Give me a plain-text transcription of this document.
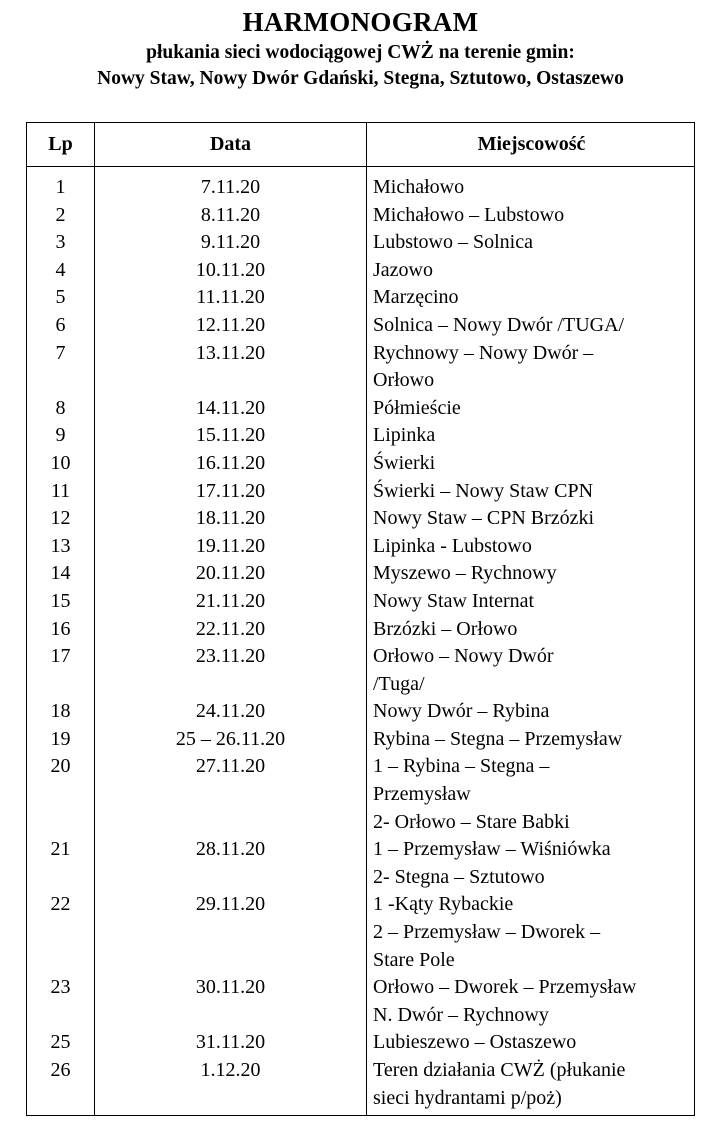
HARMONOGRAM
płukania sieci wodociągowej CWŻ na terenie gmin:
Nowy Staw, Nowy Dwór Gdański, Stegna, Sztutowo, Ostaszewo
Lp	Data	Miejscowość
1	7.11.20	Michałowo
2	8.11.20	Michałowo – Lubstowo
3	9.11.20	Lubstowo – Solnica
4	10.11.20	Jazowo
5	11.11.20	Marzęcino
6	12.11.20	Solnica – Nowy Dwór /TUGA/
7	13.11.20	Rychnowy – Nowy Dwór –
Orłowo
8	14.11.20	Półmieście
9	15.11.20	Lipinka
10	16.11.20	Świerki
11	17.11.20	Świerki – Nowy Staw CPN
12	18.11.20	Nowy Staw – CPN Brzózki
13	19.11.20	Lipinka - Lubstowo
14	20.11.20	Myszewo – Rychnowy
15	21.11.20	Nowy Staw Internat
16	22.11.20	Brzózki – Orłowo
17	23.11.20	Orłowo – Nowy Dwór
/Tuga/
18	24.11.20	Nowy Dwór – Rybina
19	25 – 26.11.20	Rybina – Stegna – Przemysław
20	27.11.20	1 – Rybina – Stegna –
Przemysław
2- Orłowo – Stare Babki
21	28.11.20	1 – Przemysław – Wiśniówka
2- Stegna – Sztutowo
22	29.11.20	1 -Kąty Rybackie
2 – Przemysław – Dworek –
Stare Pole
23	30.11.20	Orłowo – Dworek – Przemysław
N. Dwór – Rychnowy
25	31.11.20	Lubieszewo – Ostaszewo
26	1.12.20	Teren działania CWŻ (płukanie
sieci hydrantami p/poż)
